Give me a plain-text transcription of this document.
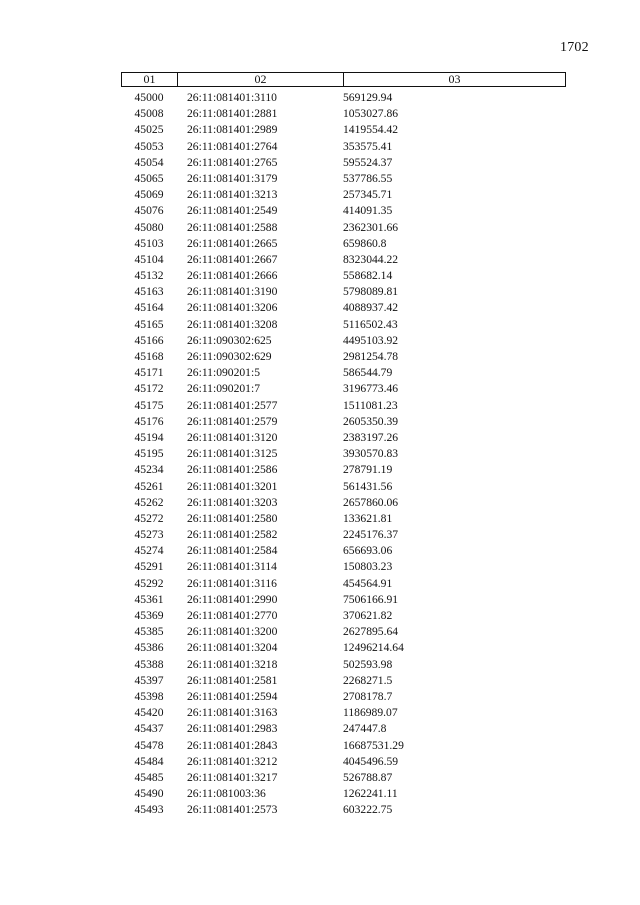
1702
01	02	03
45000	26:11:081401:3110	569129.94
45008	26:11:081401:2881	1053027.86
45025	26:11:081401:2989	1419554.42
45053	26:11:081401:2764	353575.41
45054	26:11:081401:2765	595524.37
45065	26:11:081401:3179	537786.55
45069	26:11:081401:3213	257345.71
45076	26:11:081401:2549	414091.35
45080	26:11:081401:2588	2362301.66
45103	26:11:081401:2665	659860.8
45104	26:11:081401:2667	8323044.22
45132	26:11:081401:2666	558682.14
45163	26:11:081401:3190	5798089.81
45164	26:11:081401:3206	4088937.42
45165	26:11:081401:3208	5116502.43
45166	26:11:090302:625	4495103.92
45168	26:11:090302:629	2981254.78
45171	26:11:090201:5	586544.79
45172	26:11:090201:7	3196773.46
45175	26:11:081401:2577	1511081.23
45176	26:11:081401:2579	2605350.39
45194	26:11:081401:3120	2383197.26
45195	26:11:081401:3125	3930570.83
45234	26:11:081401:2586	278791.19
45261	26:11:081401:3201	561431.56
45262	26:11:081401:3203	2657860.06
45272	26:11:081401:2580	133621.81
45273	26:11:081401:2582	2245176.37
45274	26:11:081401:2584	656693.06
45291	26:11:081401:3114	150803.23
45292	26:11:081401:3116	454564.91
45361	26:11:081401:2990	7506166.91
45369	26:11:081401:2770	370621.82
45385	26:11:081401:3200	2627895.64
45386	26:11:081401:3204	12496214.64
45388	26:11:081401:3218	502593.98
45397	26:11:081401:2581	2268271.5
45398	26:11:081401:2594	2708178.7
45420	26:11:081401:3163	1186989.07
45437	26:11:081401:2983	247447.8
45478	26:11:081401:2843	16687531.29
45484	26:11:081401:3212	4045496.59
45485	26:11:081401:3217	526788.87
45490	26:11:081003:36	1262241.11
45493	26:11:081401:2573	603222.75
